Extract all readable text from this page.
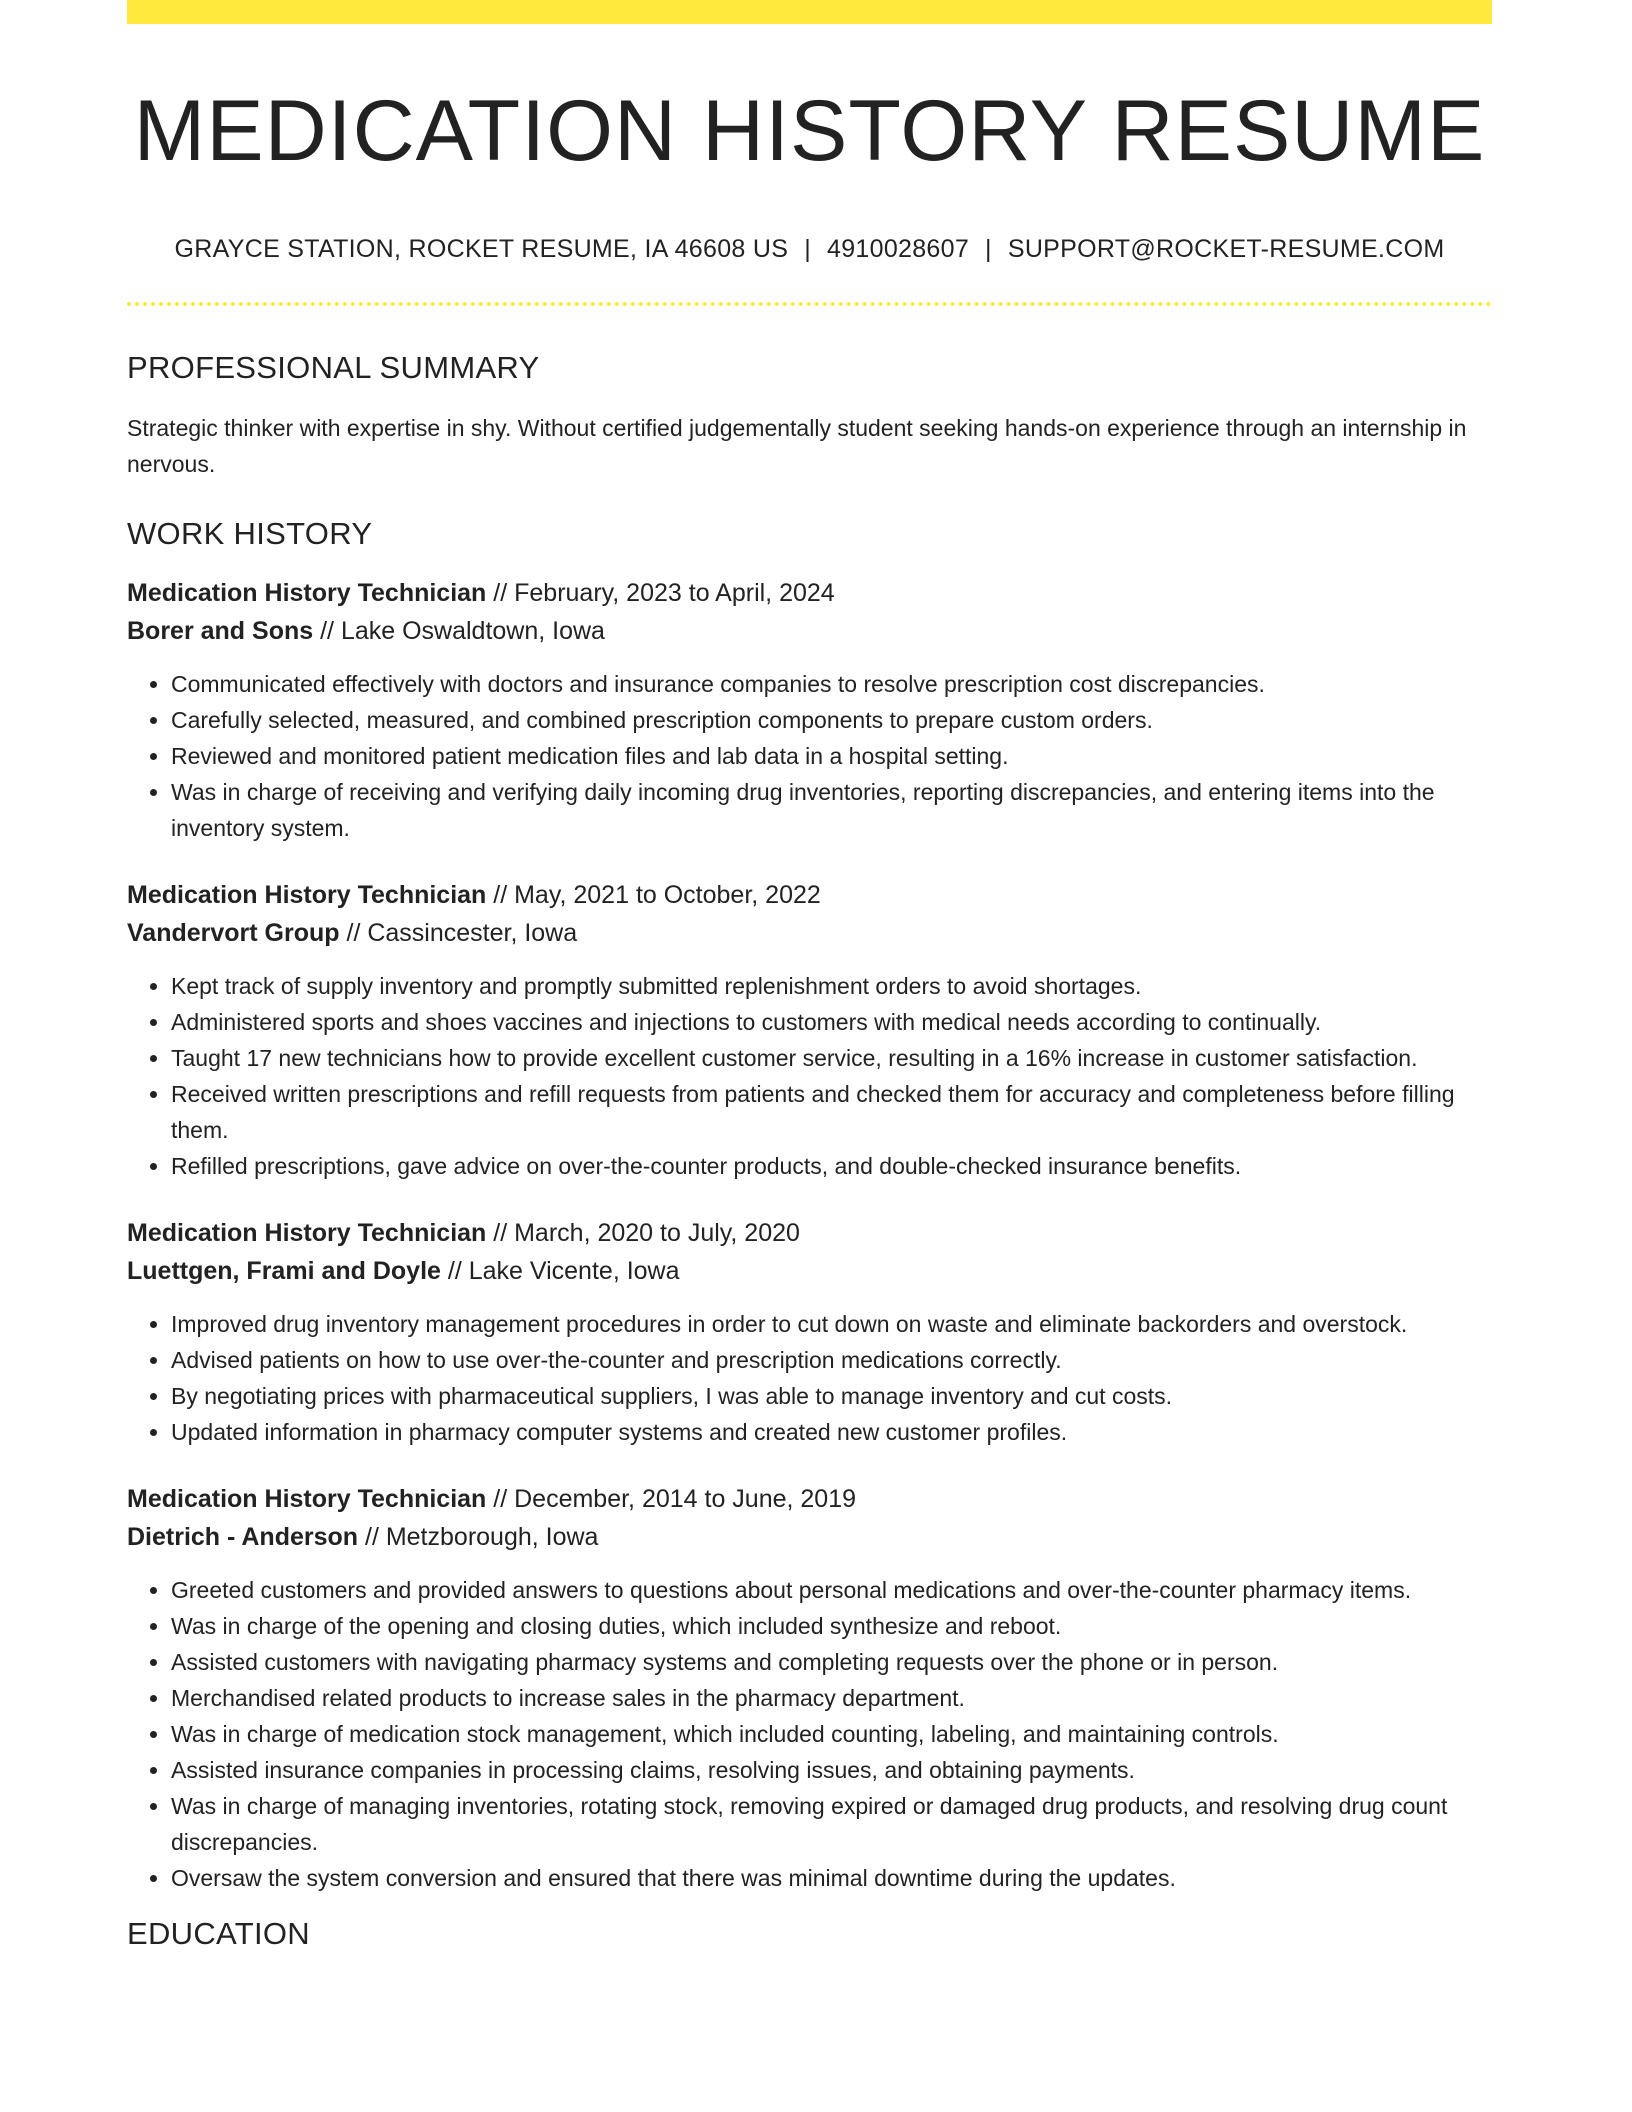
MEDICATION HISTORY RESUME
GRAYCE STATION, ROCKET RESUME, IA 46608 US | 4910028607 | SUPPORT@ROCKET-RESUME.COM
PROFESSIONAL SUMMARY
Strategic thinker with expertise in shy. Without certified judgementally student seeking hands-on experience through an internship in nervous.
WORK HISTORY
Medication History Technician // February, 2023 to April, 2024
Borer and Sons // Lake Oswaldtown, Iowa
• Communicated effectively with doctors and insurance companies to resolve prescription cost discrepancies.
• Carefully selected, measured, and combined prescription components to prepare custom orders.
• Reviewed and monitored patient medication files and lab data in a hospital setting.
• Was in charge of receiving and verifying daily incoming drug inventories, reporting discrepancies, and entering items into the inventory system.
Medication History Technician // May, 2021 to October, 2022
Vandervort Group // Cassincester, Iowa
• Kept track of supply inventory and promptly submitted replenishment orders to avoid shortages.
• Administered sports and shoes vaccines and injections to customers with medical needs according to continually.
• Taught 17 new technicians how to provide excellent customer service, resulting in a 16% increase in customer satisfaction.
• Received written prescriptions and refill requests from patients and checked them for accuracy and completeness before filling them.
• Refilled prescriptions, gave advice on over-the-counter products, and double-checked insurance benefits.
Medication History Technician // March, 2020 to July, 2020
Luettgen, Frami and Doyle // Lake Vicente, Iowa
• Improved drug inventory management procedures in order to cut down on waste and eliminate backorders and overstock.
• Advised patients on how to use over-the-counter and prescription medications correctly.
• By negotiating prices with pharmaceutical suppliers, I was able to manage inventory and cut costs.
• Updated information in pharmacy computer systems and created new customer profiles.
Medication History Technician // December, 2014 to June, 2019
Dietrich - Anderson // Metzborough, Iowa
• Greeted customers and provided answers to questions about personal medications and over-the-counter pharmacy items.
• Was in charge of the opening and closing duties, which included synthesize and reboot.
• Assisted customers with navigating pharmacy systems and completing requests over the phone or in person.
• Merchandised related products to increase sales in the pharmacy department.
• Was in charge of medication stock management, which included counting, labeling, and maintaining controls.
• Assisted insurance companies in processing claims, resolving issues, and obtaining payments.
• Was in charge of managing inventories, rotating stock, removing expired or damaged drug products, and resolving drug count discrepancies.
• Oversaw the system conversion and ensured that there was minimal downtime during the updates.
EDUCATION
